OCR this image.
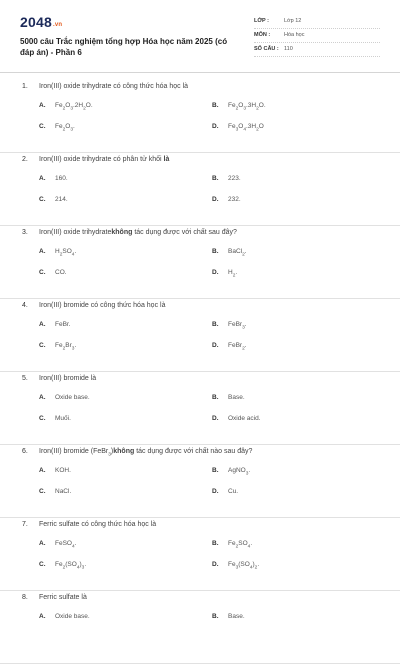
2048.vn
5000 câu Trắc nghiệm tổng hợp Hóa học năm 2025 (có đáp án) - Phần 6
LỚP :	Lớp 12
MÔN :	Hóa học
SỐ CÂU : 110
1. Iron(III) oxide trihydrate có công thức hóa học là
A. $Fe_2O_3.2H_2O$.	B. $Fe_2O_3.3H_2O$.
C. $Fe_2O_3$.	D. $Fe_3O_4.3H_2O$
2. Iron(III) oxide trihydrate có phân tử khối là
A. 160.	B. 223.
C. 214.	D. 232.
3. Iron(III) oxide trihydratekhông tác dụng được với chất sau đây?
A. $H_2SO_4$.	B. BaCl$_2$.
C. CO.	D. $H_2$.
4. Iron(III) bromide có công thức hóa học là
A. FeBr.	B. FeBr$_3$.
C. $Fe_2Br_3$.	D. FeBr$_2$.
5. Iron(III) bromide là
A. Oxide base.	B. Base.
C. Muối.	D. Oxide acid.
6. Iron(III) bromide (FeBr$_3$)không tác dụng được với chất nào sau đây?
A. KOH.	B. AgNO$_3$.
C. NaCl.	D. Cu.
7. Ferric sulfate có công thức hóa học là
A. FeSO$_4$.	B. $Fe_2SO_4$.
C. $Fe_2(SO_4)_3$.	D. $Fe_3(SO_4)_2$.
8. Ferric sulfate là
A. Oxide base.	B. Base.
